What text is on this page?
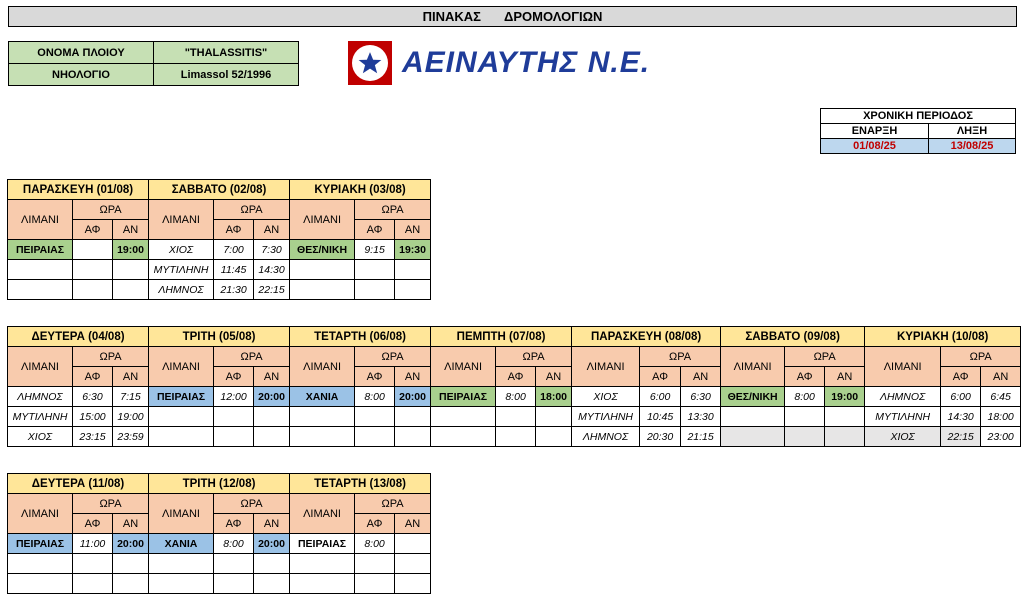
ΠΙΝΑΚΑΣ ΔΡΟΜΟΛΟΓΙΩΝ
ΟΝΟΜΑ ΠΛΟΙΟΥ	"THALASSITIS"
ΝΗΟΛΟΓΙΟ	Limassol 52/1996	ΑΕΙΝΑΥΤΗΣ Ν.Ε.
ΧΡΟΝΙΚΗ ΠΕΡΙΟΔΟΣ	
ΕΝΑΡΞΗ	ΛΗΞΗ
01/08/25	13/08/25
ΠΑΡΑΣΚΕΥΗ (01/08)			ΣΑΒΒΑΤΟ (02/08)			ΚΥΡΙΑΚΗ (03/08)		
ΛΙΜΑΝΙ	ΩΡΑ		ΛΙΜΑΝΙ	ΩΡΑ		ΛΙΜΑΝΙ	ΩΡΑ	
	ΑΦ	ΑΝ		ΑΦ	ΑΝ		ΑΦ	ΑΝ
ΠΕΙΡΑΙΑΣ		19:00	ΧΙΟΣ	7:00	7:30	ΘΕΣ/ΝΙΚΗ	9:15	19:30
			ΜΥΤΙΛΗΝΗ	11:45	14:30			
			ΛΗΜΝΟΣ	21:30	22:15			
ΔΕΥΤΕΡΑ (04/08)			ΤΡΙΤΗ (05/08)			ΤΕΤΑΡΤΗ (06/08)			ΠΕΜΠΤΗ (07/08)			ΠΑΡΑΣΚΕΥΗ (08/08)			ΣΑΒΒΑΤΟ (09/08)			ΚΥΡΙΑΚΗ (10/08)		
ΛΙΜΑΝΙ	ΩΡΑ		ΛΙΜΑΝΙ	ΩΡΑ		ΛΙΜΑΝΙ	ΩΡΑ		ΛΙΜΑΝΙ	ΩΡΑ		ΛΙΜΑΝΙ	ΩΡΑ		ΛΙΜΑΝΙ	ΩΡΑ		ΛΙΜΑΝΙ	ΩΡΑ	
	ΑΦ	ΑΝ		ΑΦ	ΑΝ		ΑΦ	ΑΝ		ΑΦ	ΑΝ		ΑΦ	ΑΝ		ΑΦ	ΑΝ		ΑΦ	ΑΝ
ΛΗΜΝΟΣ	6:30	7:15	ΠΕΙΡΑΙΑΣ	12:00	20:00	ΧΑΝΙΑ	8:00	20:00	ΠΕΙΡΑΙΑΣ	8:00	18:00	ΧΙΟΣ	6:00	6:30	ΘΕΣ/ΝΙΚΗ	8:00	19:00	ΛΗΜΝΟΣ	6:00	6:45
ΜΥΤΙΛΗΝΗ	15:00	19:00										ΜΥΤΙΛΗΝΗ	10:45	13:30				ΜΥΤΙΛΗΝΗ	14:30	18:00
ΧΙΟΣ	23:15	23:59										ΛΗΜΝΟΣ	20:30	21:15				ΧΙΟΣ	22:15	23:00
ΔΕΥΤΕΡΑ (11/08)			ΤΡΙΤΗ (12/08)			ΤΕΤΑΡΤΗ (13/08)		
ΛΙΜΑΝΙ	ΩΡΑ		ΛΙΜΑΝΙ	ΩΡΑ		ΛΙΜΑΝΙ	ΩΡΑ	
	ΑΦ	ΑΝ		ΑΦ	ΑΝ		ΑΦ	ΑΝ
ΠΕΙΡΑΙΑΣ	11:00	20:00	ΧΑΝΙΑ	8:00	20:00	ΠΕΙΡΑΙΑΣ	8:00	
